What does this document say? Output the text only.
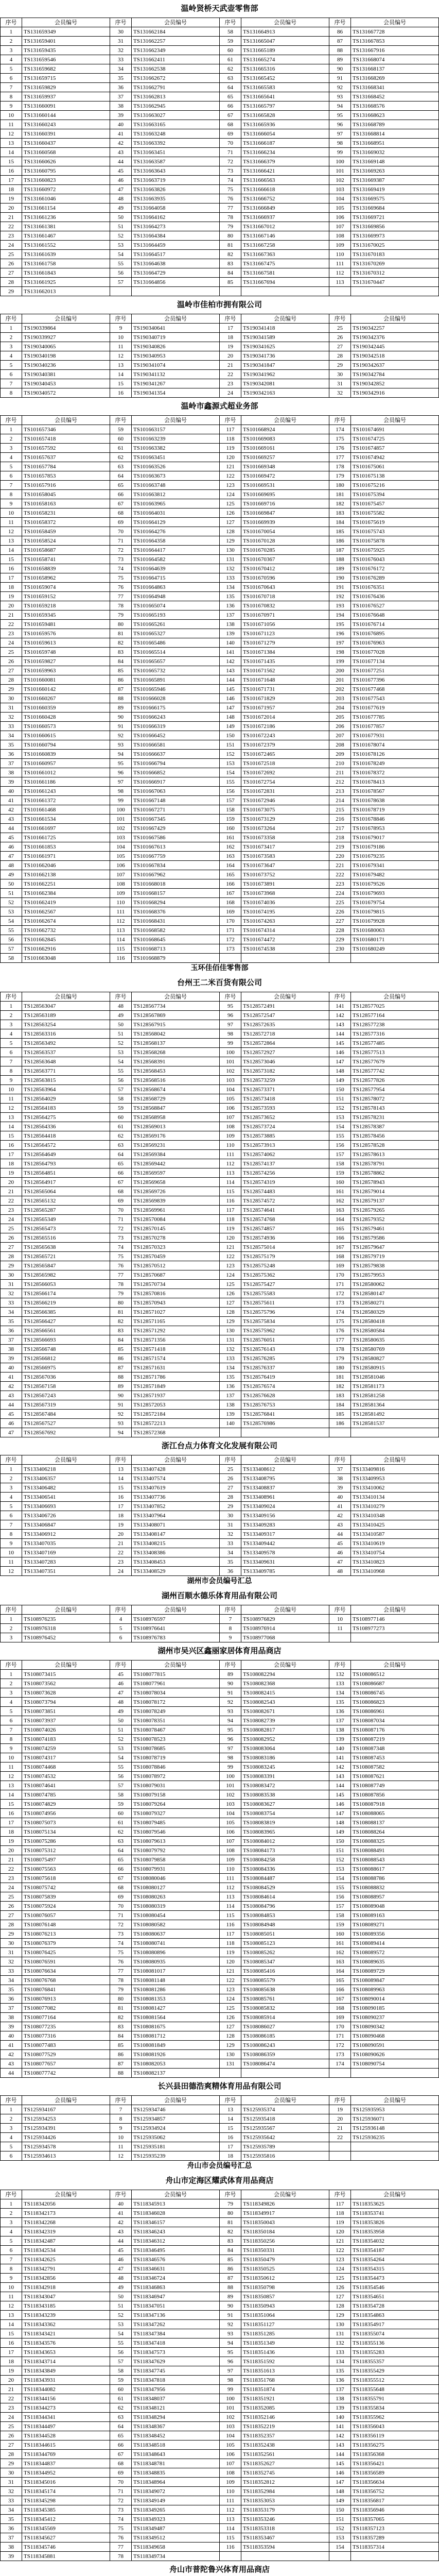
温岭贤桥天武壶零售部
序号	会员编号	序号	会员编号	序号	会员编号	序号	会员编号
1	TS131659349	30	TS131662184	58	TS131664913	86	TS131667728
2	TS131659401	31	TS131662257	59	TS131665047	87	TS131667853
3	TS131659435	32	TS131662349	60	TS131665189	88	TS131667916
4	TS131659546	33	TS131662411	61	TS131665274	89	TS131668074
5	TS131659682	34	TS131662538	62	TS131665316	90	TS131668137
6	TS131659715	35	TS131662672	63	TS131665452	91	TS131668269
7	TS131659829	36	TS131662791	64	TS131665583	92	TS131668341
8	TS131659937	37	TS131662813	65	TS131665641	93	TS131668452
9	TS131660091	38	TS131662945	66	TS131665797	94	TS131668576
10	TS131660144	39	TS131663027	67	TS131665828	95	TS131668623
11	TS131660243	40	TS131663165	68	TS131665936	96	TS131668789
12	TS131660391	41	TS131663248	69	TS131666054	97	TS131668814
13	TS131660437	42	TS131663392	70	TS131666187	98	TS131668951
14	TS131660568	43	TS131663451	71	TS131666234	99	TS131669032
15	TS131660626	44	TS131663587	72	TS131666379	100	TS131669148
16	TS131660795	45	TS131663643	73	TS131666421	101	TS131669263
17	TS131660823	46	TS131663719	74	TS131666563	102	TS131669387
18	TS131660972	47	TS131663826	75	TS131666618	103	TS131669419
19	TS131661046	48	TS131663935	76	TS131666752	104	TS131669575
20	TS131661154	49	TS131664058	77	TS131666849	105	TS131669684
21	TS131661236	50	TS131664162	78	TS131666937	106	TS131669721
22	TS131661381	51	TS131664273	79	TS131667012	107	TS131669856
23	TS131661467	52	TS131664384	80	TS131667146	108	TS131669973
24	TS131661552	53	TS131664459	81	TS131667258	109	TS131670025
25	TS131661639	54	TS131664517	82	TS131667363	110	TS131670183
26	TS131661758	55	TS131664638	83	TS131667475	111	TS131670269
27	TS131661843	56	TS131664729	84	TS131667581	112	TS131670312
28	TS131661925	57	TS131664856	85	TS131667694	113	TS131670447
29	TS131662013						
温岭市佳柏市拥有限公司
序号	会员编号	序号	会员编号	序号	会员编号	序号	会员编号
1	TS190339864	9	TS190340641	17	TS190341418	25	TS190342257
2	TS190339927	10	TS190340719	18	TS190341589	26	TS190342376
3	TS190340065	11	TS190340826	19	TS190341625	27	TS190342445
4	TS190340198	12	TS190340953	20	TS190341736	28	TS190342518
5	TS190340236	13	TS190341074	21	TS190341847	29	TS190342637
6	TS190340381	14	TS190341132	22	TS190341962	30	TS190342784
7	TS190340453	15	TS190341267	23	TS190342081	31	TS190342852
8	TS190340572	16	TS190341354	24	TS190342163	32	TS190342916
温岭市鑫源式超业务部
序号	会员编号	序号	会员编号	序号	会员编号	序号	会员编号
1	TS101657346	59	TS101663157	117	TS101668924	174	TS101674691
2	TS101657418	60	TS101663239	118	TS101669083	175	TS101674725
3	TS101657592	61	TS101663382	119	TS101669161	176	TS101674857
4	TS101657637	62	TS101663451	120	TS101669257	177	TS101674942
5	TS101657784	63	TS101663526	121	TS101669348	178	TS101675061
6	TS101657853	64	TS101663673	122	TS101669472	179	TS101675138
7	TS101657916	65	TS101663748	123	TS101669531	180	TS101675216
8	TS101658045	66	TS101663812	124	TS101669695	181	TS101675394
9	TS101658163	67	TS101663965	125	TS101669716	182	TS101675457
10	TS101658231	68	TS101664031	126	TS101669847	183	TS101675582
11	TS101658372	69	TS101664129	127	TS101669939	184	TS101675619
12	TS101658459	70	TS101664276	128	TS101670054	185	TS101675743
13	TS101658524	71	TS101664358	129	TS101670128	186	TS101675878
14	TS101658687	72	TS101664417	130	TS101670285	187	TS101675925
15	TS101658741	73	TS101664582	131	TS101670367	188	TS101676043
16	TS101658839	74	TS101664639	132	TS101670412	189	TS101676172
17	TS101658962	75	TS101664715	133	TS101670596	190	TS101676289
18	TS101659074	76	TS101664863	134	TS101670643	191	TS101676351
19	TS101659152	77	TS101664948	135	TS101670718	192	TS101676436
20	TS101659218	78	TS101665074	136	TS101670832	193	TS101676527
21	TS101659345	79	TS101665193	137	TS101670971	194	TS101676648
22	TS101659481	80	TS101665261	138	TS101671056	195	TS101676714
23	TS101659576	81	TS101665327	139	TS101671123	196	TS101676895
24	TS101659613	82	TS101665486	140	TS101671279	197	TS101676963
25	TS101659748	83	TS101665514	141	TS101671384	198	TS101677028
26	TS101659827	84	TS101665657	142	TS101671435	199	TS101677134
27	TS101659963	85	TS101665732	143	TS101671562	200	TS101677251
28	TS101660081	86	TS101665891	144	TS101671648	201	TS101677396
29	TS101660142	87	TS101665946	145	TS101671731	202	TS101677468
30	TS101660267	88	TS101666028	146	TS101671829	203	TS101677543
31	TS101660359	89	TS101666175	147	TS101671957	204	TS101677619
32	TS101660428	90	TS101666243	148	TS101672014	205	TS101677785
33	TS101660573	91	TS101666319	149	TS101672186	206	TS101677857
34	TS101660615	92	TS101666452	150	TS101672243	207	TS101677931
35	TS101660794	93	TS101666581	151	TS101672379	208	TS101678074
36	TS101660839	94	TS101666637	152	TS101672465	209	TS101678126
37	TS101660957	95	TS101666794	153	TS101672518	210	TS101678249
38	TS101661012	96	TS101666852	154	TS101672692	211	TS101678372
39	TS101661186	97	TS101666917	155	TS101672754	212	TS101678413
40	TS101661243	98	TS101667063	156	TS101672831	213	TS101678567
41	TS101661372	99	TS101667148	157	TS101672946	214	TS101678638
42	TS101661468	100	TS101667271	158	TS101673075	215	TS101678719
43	TS101661534	101	TS101667345	159	TS101673129	216	TS101678846
44	TS101661697	102	TS101667429	160	TS101673264	217	TS101678953
45	TS101661725	103	TS101667586	161	TS101673358	218	TS101679017
46	TS101661853	104	TS101667613	162	TS101673417	219	TS101679186
47	TS101661971	105	TS101667759	163	TS101673583	220	TS101679235
48	TS101662046	106	TS101667834	164	TS101673647	221	TS101679341
49	TS101662138	107	TS101667962	165	TS101673752	222	TS101679482
50	TS101662251	108	TS101668018	166	TS101673891	223	TS101679526
51	TS101662384	109	TS101668157	167	TS101673968	224	TS101679693
52	TS101662419	110	TS101668294	168	TS101674036	225	TS101679754
53	TS101662567	111	TS101668376	169	TS101674195	226	TS101679815
54	TS101662674	112	TS101668431	170	TS101674263	227	TS101679928
55	TS101662732	113	TS101668582	171	TS101674314	228	TS101680063
56	TS101662845	114	TS101668645	172	TS101674472	229	TS101680171
57	TS101662916	115	TS101668713	173	TS101674538	230	TS101680249
58	TS101663048	116	TS101668879				
玉环佳佰佳零售部
台州王二米百货有限公司
序号	会员编号	序号	会员编号	序号	会员编号	序号	会员编号
1	TS128563047	48	TS128567734	95	TS128572491	141	TS128577025
2	TS128563189	49	TS128567869	96	TS128572547	142	TS128577164
3	TS128563254	50	TS128567915	97	TS128572635	143	TS128577238
4	TS128563316	51	TS128568042	98	TS128572718	144	TS128577316
5	TS128563492	52	TS128568137	99	TS128572864	145	TS128577485
6	TS128563537	53	TS128568268	100	TS128572927	146	TS128577513
7	TS128563648	54	TS128568391	101	TS128573046	147	TS128577679
8	TS128563771	55	TS128568453	102	TS128573182	148	TS128577742
9	TS128563815	56	TS128568516	103	TS128573259	149	TS128577826
10	TS128563964	57	TS128568674	104	TS128573371	150	TS128577954
11	TS128564029	58	TS128568729	105	TS128573418	151	TS128578072
12	TS128564183	59	TS128568847	106	TS128573593	152	TS128578143
13	TS128564275	60	TS128568958	107	TS128573652	153	TS128578231
14	TS128564336	61	TS128569013	108	TS128573724	154	TS128578387
15	TS128564418	62	TS128569176	109	TS128573885	155	TS128578456
16	TS128564572	63	TS128569231	110	TS128573913	156	TS128578528
17	TS128564649	64	TS128569384	111	TS128574062	157	TS128578613
18	TS128564793	65	TS128569442	112	TS128574137	158	TS128578791
19	TS128564851	66	TS128569597	113	TS128574256	159	TS128578862
20	TS128564917	67	TS128569658	114	TS128574319	160	TS128578943
21	TS128565064	68	TS128569726	115	TS128574483	161	TS128579014
22	TS128565132	69	TS128569839	116	TS128574572	162	TS128579137
23	TS128565287	70	TS128569961	117	TS128574641	163	TS128579265
24	TS128565349	71	TS128570084	118	TS128574768	164	TS128579352
25	TS128565473	72	TS128570145	119	TS128574857	165	TS128579461
26	TS128565516	73	TS128570278	120	TS128574936	166	TS128579586
27	TS128565638	74	TS128570323	121	TS128575014	167	TS128579647
28	TS128565721	75	TS128570459	122	TS128575179	168	TS128579719
29	TS128565847	76	TS128570512	123	TS128575248	169	TS128579838
30	TS128565982	77	TS128570687	124	TS128575362	170	TS128579953
31	TS128566053	78	TS128570734	125	TS128575427	171	TS128580062
32	TS128566174	79	TS128570816	126	TS128575583	172	TS128580147
33	TS128566219	80	TS128570943	127	TS128575611	173	TS128580271
34	TS128566385	81	TS128571027	128	TS128575796	174	TS128580329
35	TS128566427	82	TS128571165	129	TS128575834	175	TS128580418
36	TS128566561	83	TS128571292	130	TS128575962	176	TS128580584
37	TS128566693	84	TS128571356	131	TS128576051	177	TS128580635
38	TS128566748	85	TS128571418	132	TS128576143	178	TS128580769
39	TS128566812	86	TS128571574	133	TS128576285	179	TS128580827
40	TS128566975	87	TS128571631	134	TS128576337	180	TS128580915
41	TS128567036	88	TS128571786	135	TS128576419	181	TS128581046
42	TS128567158	89	TS128571849	136	TS128576574	182	TS128581173
43	TS128567243	90	TS128571937	137	TS128576628	183	TS128581258
44	TS128567319	91	TS128572053	138	TS128576753	184	TS128581364
45	TS128567484	92	TS128572184	139	TS128576841	185	TS128581492
46	TS128567527	93	TS128572213	140	TS128576986	186	TS128581537
47	TS128567692	94	TS128572368				
浙江台点力体育文化发展有限公司
序号	会员编号	序号	会员编号	序号	会员编号	序号	会员编号
1	TS133406218	13	TS133407428	25	TS133408612	37	TS133409816
2	TS133406357	14	TS133407574	26	TS133408795	38	TS133409953
3	TS133406482	15	TS133407619	27	TS133408837	39	TS133410062
4	TS133406541	16	TS133407736	28	TS133408961	40	TS133410134
5	TS133406693	17	TS133407852	29	TS133409024	41	TS133410279
6	TS133406726	18	TS133407964	30	TS133409156	42	TS133410348
7	TS133406847	19	TS133408071	31	TS133409283	43	TS133410425
8	TS133406912	20	TS133408147	32	TS133409317	44	TS133410587
9	TS133407035	21	TS133408215	33	TS133409442	45	TS133410619
10	TS133407169	22	TS133408386	34	TS133409578	46	TS133410754
11	TS133407283	23	TS133408453	35	TS133409631	47	TS133410823
12	TS133407351	24	TS133408529	36	TS133409785	48	TS133410968
湖州市会员编号汇总
湖州百顺水德乐体育用品有限公司
序号	会员编号	序号	会员编号	序号	会员编号	序号	会员编号
1	TS108976235	4	TS108976597	7	TS108976829	10	TS108977146
2	TS108976318	5	TS108976641	8	TS108976914	11	TS108977273
3	TS108976452	6	TS108976783	9	TS108977068		
湖州市吴兴区鑫丽家居体育用品商店
序号	会员编号	序号	会员编号	序号	会员编号	序号	会员编号
1	TS108073415	45	TS108077815	89	TS108082294	132	TS108086512
2	TS108073562	46	TS108077961	90	TS108082368	133	TS108086687
3	TS108073628	47	TS108078034	91	TS108082415	134	TS108086745
4	TS108073794	48	TS108078172	92	TS108082543	135	TS108086823
5	TS108073851	49	TS108078249	93	TS108082671	136	TS108086961
6	TS108073937	50	TS108078351	94	TS108082739	137	TS108087034
7	TS108074026	51	TS108078467	95	TS108082817	138	TS108087176
8	TS108074183	52	TS108078523	96	TS108082952	139	TS108087219
9	TS108074259	53	TS108078685	97	TS108083064	140	TS108087348
10	TS108074317	54	TS108078719	98	TS108083186	141	TS108087453
11	TS108074468	55	TS108078846	99	TS108083245	142	TS108087582
12	TS108074532	56	TS108078972	100	TS108083391	143	TS108087621
13	TS108074641	57	TS108079031	101	TS108083472	144	TS108087749
14	TS108074785	58	TS108079158	102	TS108083538	145	TS108087856
15	TS108074829	59	TS108079264	103	TS108083627	146	TS108087918
16	TS108074956	60	TS108079327	104	TS108083754	147	TS108088065
17	TS108075073	61	TS108079485	105	TS108083819	148	TS108088137
18	TS108075134	62	TS108079546	106	TS108083965	149	TS108088264
19	TS108075286	63	TS108079613	107	TS108084012	150	TS108088325
20	TS108075312	64	TS108079792	108	TS108084173	151	TS108088491
21	TS108075497	65	TS108079858	109	TS108084258	152	TS108088543
22	TS108075563	66	TS108079931	110	TS108084336	153	TS108088617
23	TS108075618	67	TS108080046	111	TS108084487	154	TS108088786
24	TS108075742	68	TS108080127	112	TS108084529	155	TS108088832
25	TS108075839	69	TS108080263	113	TS108084614	156	TS108088957
26	TS108075924	70	TS108080319	114	TS108084796	157	TS108089048
27	TS108076057	71	TS108080454	115	TS108084853	158	TS108089163
28	TS108076148	72	TS108080582	116	TS108084948	159	TS108089271
29	TS108076213	73	TS108080637	117	TS108085051	160	TS108089356
30	TS108076379	74	TS108080741	118	TS108085123	161	TS108089414
31	TS108076425	75	TS108080896	119	TS108085262	162	TS108089572
32	TS108076591	76	TS108080935	120	TS108085347	163	TS108089635
33	TS108076634	77	TS108081017	121	TS108085416	164	TS108089729
34	TS108076768	78	TS108081148	122	TS108085579	165	TS108089847
35	TS108076841	79	TS108081286	123	TS108085638	166	TS108089963
36	TS108076913	80	TS108081353	124	TS108085761	167	TS108090014
37	TS108077082	81	TS108081427	125	TS108085832	168	TS108090185
38	TS108077164	82	TS108081564	126	TS108085914	169	TS108090237
39	TS108077235	83	TS108081675	127	TS108086027	170	TS108090342
40	TS108077316	84	TS108081712	128	TS108086185	171	TS108090468
41	TS108077483	85	TS108081849	129	TS108086243	172	TS108090591
42	TS108077529	86	TS108081926	130	TS108086359	173	TS108090626
43	TS108077657	87	TS108082053	131	TS108086474	174	TS108090754
44	TS108077742	88	TS108082137				
长兴县田德浩爽精体育用品有限公司
序号	会员编号	序号	会员编号	序号	会员编号	序号	会员编号
1	TS125934167	7	TS125934746	13	TS125935374	19	TS125935953
2	TS125934253	8	TS125934857	14	TS125935418	20	TS125936071
3	TS125934391	9	TS125934924	15	TS125935567	21	TS125936148
4	TS125934426	10	TS125935062	16	TS125935642	22	TS125936235
5	TS125934578	11	TS125935181	17	TS125935789		
6	TS125934613	12	TS125935239	18	TS125935816		
舟山市会员编号汇总
舟山市定海区耀武体育用品商店
序号	会员编号	序号	会员编号	序号	会员编号	序号	会员编号
1	TS118342056	40	TS118345913	79	TS118349826	117	TS118353625
2	TS118342173	41	TS118346028	80	TS118349917	118	TS118353741
3	TS118342268	42	TS118346157	81	TS118350043	119	TS118353826
4	TS118342319	43	TS118346243	82	TS118350184	120	TS118353958
5	TS118342487	44	TS118346312	83	TS118350256	121	TS118354032
6	TS118342534	45	TS118346495	84	TS118350331	122	TS118354187
7	TS118342625	46	TS118346576	85	TS118350479	123	TS118354264
8	TS118342791	47	TS118346631	86	TS118350525	124	TS118354315
9	TS118342856	48	TS118346724	87	TS118350612	125	TS118354473
10	TS118342918	49	TS118346863	88	TS118350798	126	TS118354546
11	TS118343047	50	TS118346947	89	TS118350857	127	TS118354651
12	TS118343185	51	TS118347051	90	TS118350943	128	TS118354728
13	TS118343239	52	TS118347136	91	TS118351064	129	TS118354863
14	TS118343362	53	TS118347262	92	TS118351127	130	TS118354917
15	TS118343421	54	TS118347384	93	TS118351285	131	TS118355074
16	TS118343576	55	TS118347418	94	TS118351349	132	TS118355136
17	TS118343653	56	TS118347573	95	TS118351436	133	TS118355283
18	TS118343714	57	TS118347629	96	TS118351592	134	TS118355357
19	TS118343849	58	TS118347745	97	TS118351613	135	TS118355429
20	TS118343931	59	TS118347818	98	TS118351768	136	TS118355512
21	TS118344082	60	TS118347956	99	TS118351874	137	TS118355648
22	TS118344156	61	TS118348037	100	TS118351921	138	TS118355791
23	TS118344273	62	TS118348121	101	TS118352085	139	TS118355834
24	TS118344341	63	TS118348294	102	TS118352146	140	TS118355962
25	TS118344497	64	TS118348367	103	TS118352219	141	TS118356043
26	TS118344528	65	TS118348452	104	TS118352357	142	TS118356119
27	TS118344615	66	TS118348518	105	TS118352438	143	TS118356275
28	TS118344769	67	TS118348643	106	TS118352561	144	TS118356368
29	TS118344837	68	TS118348781	107	TS118352627	145	TS118356421
30	TS118344952	69	TS118348835	108	TS118352745	146	TS118356589
31	TS118345016	70	TS118348964	109	TS118352812	147	TS118356634
32	TS118345174	71	TS118349072	110	TS118352984	148	TS118356752
33	TS118345298	72	TS118349149	111	TS118353053	149	TS118356817
34	TS118345385	73	TS118349265	112	TS118353179	150	TS118356946
35	TS118345412	74	TS118349323	113	TS118353246	151	TS118357065
36	TS118345569	75	TS118349487	114	TS118353318	152	TS118357123
37	TS118345627	76	TS118349512	115	TS118353467	153	TS118357289
38	TS118345746	77	TS118349658	116	TS118353594	154	TS118357314
39	TS118345881	78	TS118349734				
舟山市普陀鲁兴体育用品商店
